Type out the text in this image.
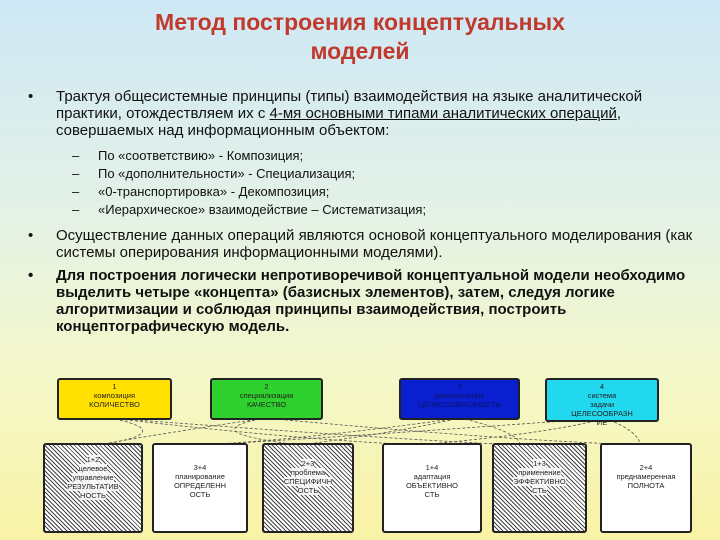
Метод построения концептуальных
моделей
• Трактуя общесистемные принципы (типы) взаимодействия на языке аналитической практики, отождествляем их с 4-мя основными типами аналитических операций, совершаемых над информационным объектом:
– По «соответствию» - Композиция;
– По «дополнительности» - Специализация;
– «0-транспортировка» - Декомпозиция;
– «Иерархическое» взаимодействие – Систематизация;
• Осуществление данных операций являются основой концептуального моделирования (как системы оперирования информационными моделями).
• Для построения логически непротиворечивой концептуальной модели необходимо выделить четыре «концепта» (базисных элементов), затем, следуя логике алгоритмизации и соблюдая принципы взаимодействия, построить концептографическую модель.
1
композиция
КОЛИЧЕСТВО
2
специализация
КАЧЕСТВО
3
декомпозиция
ЦЕЛЕСООБРАЗНОСТЬ
4
система
задачи
ЦЕЛЕСООБРАЗН
ИЕ
1+2
целевое
управление
РЕЗУЛЬТАТИВ
НОСТЬ
3+4
планирование
ОПРЕДЕЛЕНН
ОСТЬ
2+3
проблема
СПЕЦИФИЧН
ОСТЬ
1+4
адаптация
ОБЪЕКТИВНО
СТЬ
1+3
применение
ЭФФЕКТИВНО
СТЬ
2+4
преднамеренная
ПОЛНОТА
